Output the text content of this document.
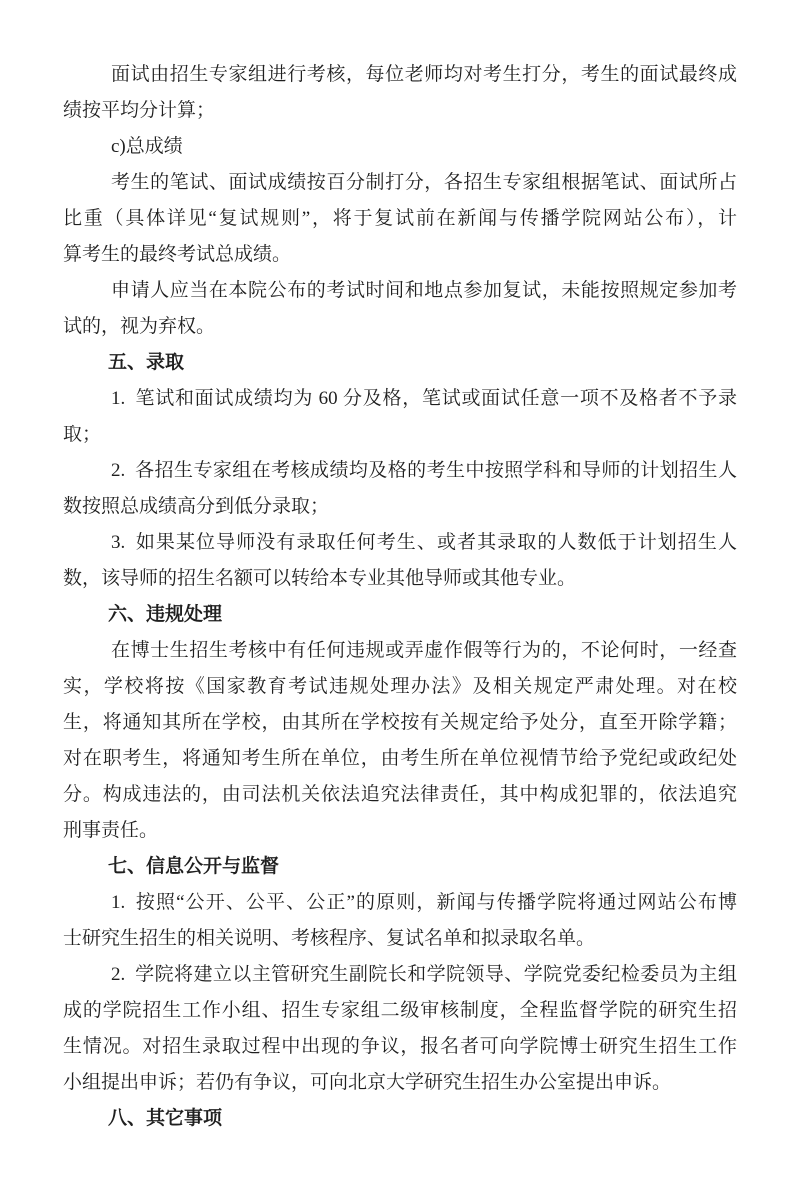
面试由招生专家组进行考核，每位老师均对考生打分，考生的面试最终成
绩按平均分计算；
c)总成绩
考生的笔试、面试成绩按百分制打分，各招生专家组根据笔试、面试所占
比重（具体详见“复试规则”，将于复试前在新闻与传播学院网站公布），计
算考生的最终考试总成绩。
申请人应当在本院公布的考试时间和地点参加复试，未能按照规定参加考
试的，视为弃权。
五、录取
1. 笔试和面试成绩均为 60 分及格，笔试或面试任意一项不及格者不予录
取；
2. 各招生专家组在考核成绩均及格的考生中按照学科和导师的计划招生人
数按照总成绩高分到低分录取；
3. 如果某位导师没有录取任何考生、或者其录取的人数低于计划招生人
数，该导师的招生名额可以转给本专业其他导师或其他专业。
六、违规处理
在博士生招生考核中有任何违规或弄虚作假等行为的，不论何时，一经查
实，学校将按《国家教育考试违规处理办法》及相关规定严肃处理。对在校
生，将通知其所在学校，由其所在学校按有关规定给予处分，直至开除学籍；
对在职考生，将通知考生所在单位，由考生所在单位视情节给予党纪或政纪处
分。构成违法的，由司法机关依法追究法律责任，其中构成犯罪的，依法追究
刑事责任。
七、信息公开与监督
1. 按照“公开、公平、公正”的原则，新闻与传播学院将通过网站公布博
士研究生招生的相关说明、考核程序、复试名单和拟录取名单。
2. 学院将建立以主管研究生副院长和学院领导、学院党委纪检委员为主组
成的学院招生工作小组、招生专家组二级审核制度，全程监督学院的研究生招
生情况。对招生录取过程中出现的争议，报名者可向学院博士研究生招生工作
小组提出申诉；若仍有争议，可向北京大学研究生招生办公室提出申诉。
八、其它事项
